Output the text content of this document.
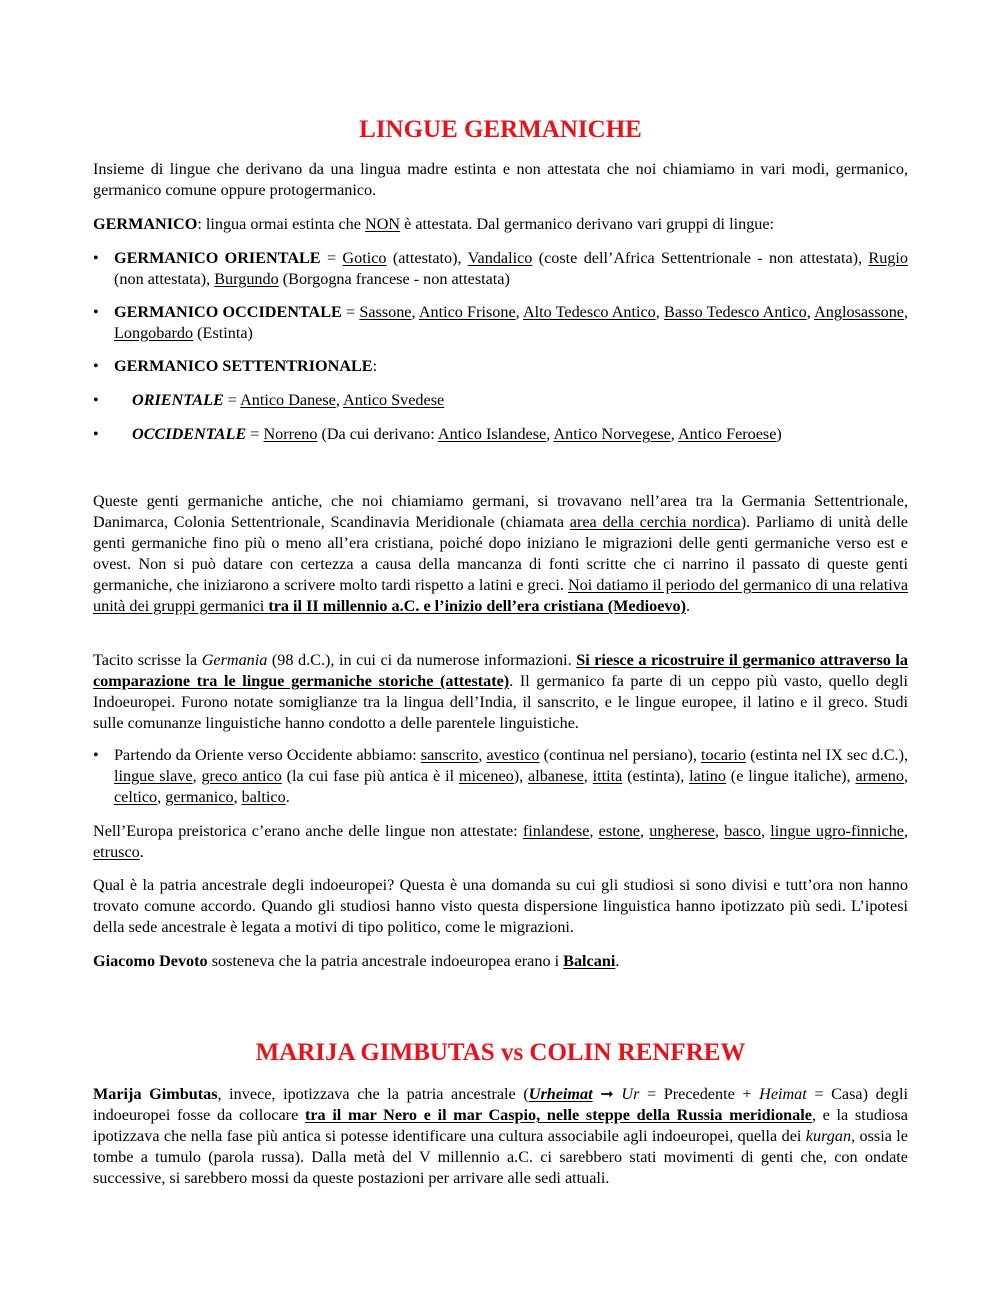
LINGUE GERMANICHE

Insieme di lingue che derivano da una lingua madre estinta e non attestata che noi chiamiamo in vari modi, germanico, germanico comune oppure protogermanico.

GERMANICO: lingua ormai estinta che NON è attestata. Dal germanico derivano vari gruppi di lingue:

• GERMANICO ORIENTALE = Gotico (attestato), Vandalico (coste dell’Africa Settentrionale - non attestata), Rugio (non attestata), Burgundo (Borgogna francese - non attestata)
• GERMANICO OCCIDENTALE = Sassone, Antico Frisone, Alto Tedesco Antico, Basso Tedesco Antico, Anglosassone, Longobardo (Estinta)
• GERMANICO SETTENTRIONALE:
• ORIENTALE = Antico Danese, Antico Svedese
• OCCIDENTALE = Norreno (Da cui derivano: Antico Islandese, Antico Norvegese, Antico Feroese)

Queste genti germaniche antiche, che noi chiamiamo germani, si trovavano nell’area tra la Germania Settentrionale, Danimarca, Colonia Settentrionale, Scandinavia Meridionale (chiamata area della cerchia nordica). Parliamo di unità delle genti germaniche fino più o meno all’era cristiana, poiché dopo iniziano le migrazioni delle genti germaniche verso est e ovest. Non si può datare con certezza a causa della mancanza di fonti scritte che ci narrino il passato di queste genti germaniche, che iniziarono a scrivere molto tardi rispetto a latini e greci. Noi datiamo il periodo del germanico di una relativa unità dei gruppi germanici tra il II millennio a.C. e l’inizio dell’era cristiana (Medioevo).

Tacito scrisse la Germania (98 d.C.), in cui ci da numerose informazioni. Si riesce a ricostruire il germanico attraverso la comparazione tra le lingue germaniche storiche (attestate). Il germanico fa parte di un ceppo più vasto, quello degli Indoeuropei. Furono notate somiglianze tra la lingua dell’India, il sanscrito, e le lingue europee, il latino e il greco. Studi sulle comunanze linguistiche hanno condotto a delle parentele linguistiche.

• Partendo da Oriente verso Occidente abbiamo: sanscrito, avestico (continua nel persiano), tocario (estinta nel IX sec d.C.), lingue slave, greco antico (la cui fase più antica è il miceneo), albanese, ittita (estinta), latino (e lingue italiche), armeno, celtico, germanico, baltico.

Nell’Europa preistorica c’erano anche delle lingue non attestate: finlandese, estone, ungherese, basco, lingue ugro-finniche, etrusco.

Qual è la patria ancestrale degli indoeuropei? Questa è una domanda su cui gli studiosi si sono divisi e tutt’ora non hanno trovato comune accordo. Quando gli studiosi hanno visto questa dispersione linguistica hanno ipotizzato più sedi. L’ipotesi della sede ancestrale è legata a motivi di tipo politico, come le migrazioni.

Giacomo Devoto sosteneva che la patria ancestrale indoeuropea erano i Balcani.

MARIJA GIMBUTAS vs COLIN RENFREW

Marija Gimbutas, invece, ipotizzava che la patria ancestrale (Urheimat ➞ Ur = Precedente + Heimat = Casa) degli indoeuropei fosse da collocare tra il mar Nero e il mar Caspio, nelle steppe della Russia meridionale, e la studiosa ipotizzava che nella fase più antica si potesse identificare una cultura associabile agli indoeuropei, quella dei kurgan, ossia le tombe a tumulo (parola russa). Dalla metà del V millennio a.C. ci sarebbero stati movimenti di genti che, con ondate successive, si sarebbero mossi da queste postazioni per arrivare alle sedi attuali.
